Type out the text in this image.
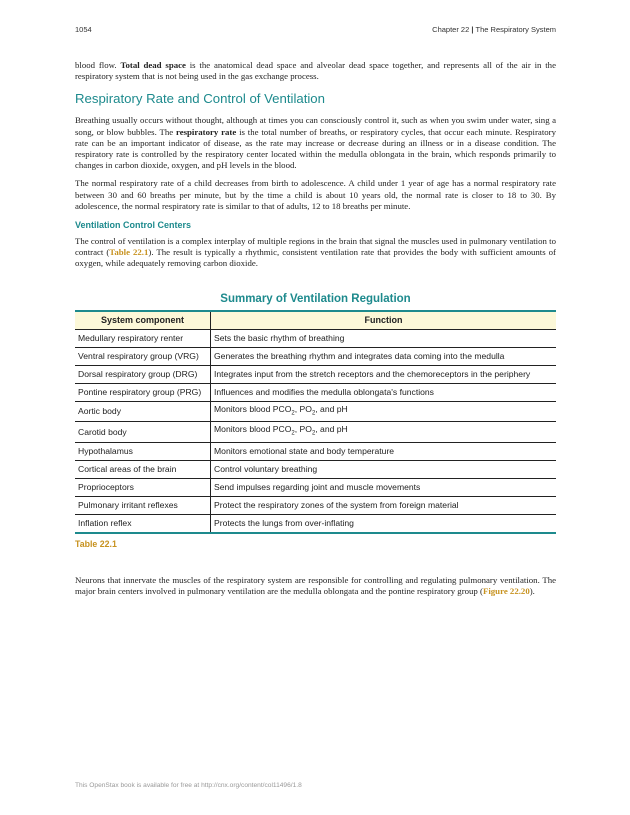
1054	Chapter 22 | The Respiratory System

blood flow. Total dead space is the anatomical dead space and alveolar dead space together, and represents all of the air in the respiratory system that is not being used in the gas exchange process.

Respiratory Rate and Control of Ventilation

Breathing usually occurs without thought, although at times you can consciously control it, such as when you swim under water, sing a song, or blow bubbles. The respiratory rate is the total number of breaths, or respiratory cycles, that occur each minute. Respiratory rate can be an important indicator of disease, as the rate may increase or decrease during an illness or in a disease condition. The respiratory rate is controlled by the respiratory center located within the medulla oblongata in the brain, which responds primarily to changes in carbon dioxide, oxygen, and pH levels in the blood.

The normal respiratory rate of a child decreases from birth to adolescence. A child under 1 year of age has a normal respiratory rate between 30 and 60 breaths per minute, but by the time a child is about 10 years old, the normal rate is closer to 18 to 30. By adolescence, the normal respiratory rate is similar to that of adults, 12 to 18 breaths per minute.

Ventilation Control Centers

The control of ventilation is a complex interplay of multiple regions in the brain that signal the muscles used in pulmonary ventilation to contract (Table 22.1). The result is typically a rhythmic, consistent ventilation rate that provides the body with sufficient amounts of oxygen, while adequately removing carbon dioxide.

Summary of Ventilation Regulation
System component	Function
Medullary respiratory renter	Sets the basic rhythm of breathing
Ventral respiratory group (VRG)	Generates the breathing rhythm and integrates data coming into the medulla
Dorsal respiratory group (DRG)	Integrates input from the stretch receptors and the chemoreceptors in the periphery
Pontine respiratory group (PRG)	Influences and modifies the medulla oblongata's functions
Aortic body	Monitors blood $PCO_2$, $PO_2$, and pH
Carotid body	Monitors blood $PCO_2$, $PO_2$, and pH
Hypothalamus	Monitors emotional state and body temperature
Cortical areas of the brain	Control voluntary breathing
Proprioceptors	Send impulses regarding joint and muscle movements
Pulmonary irritant reflexes	Protect the respiratory zones of the system from foreign material
Inflation reflex	Protects the lungs from over-inflating
Table 22.1

Neurons that innervate the muscles of the respiratory system are responsible for controlling and regulating pulmonary ventilation. The major brain centers involved in pulmonary ventilation are the medulla oblongata and the pontine respiratory group (Figure 22.20).

This OpenStax book is available for free at http://cnx.org/content/col11496/1.8
